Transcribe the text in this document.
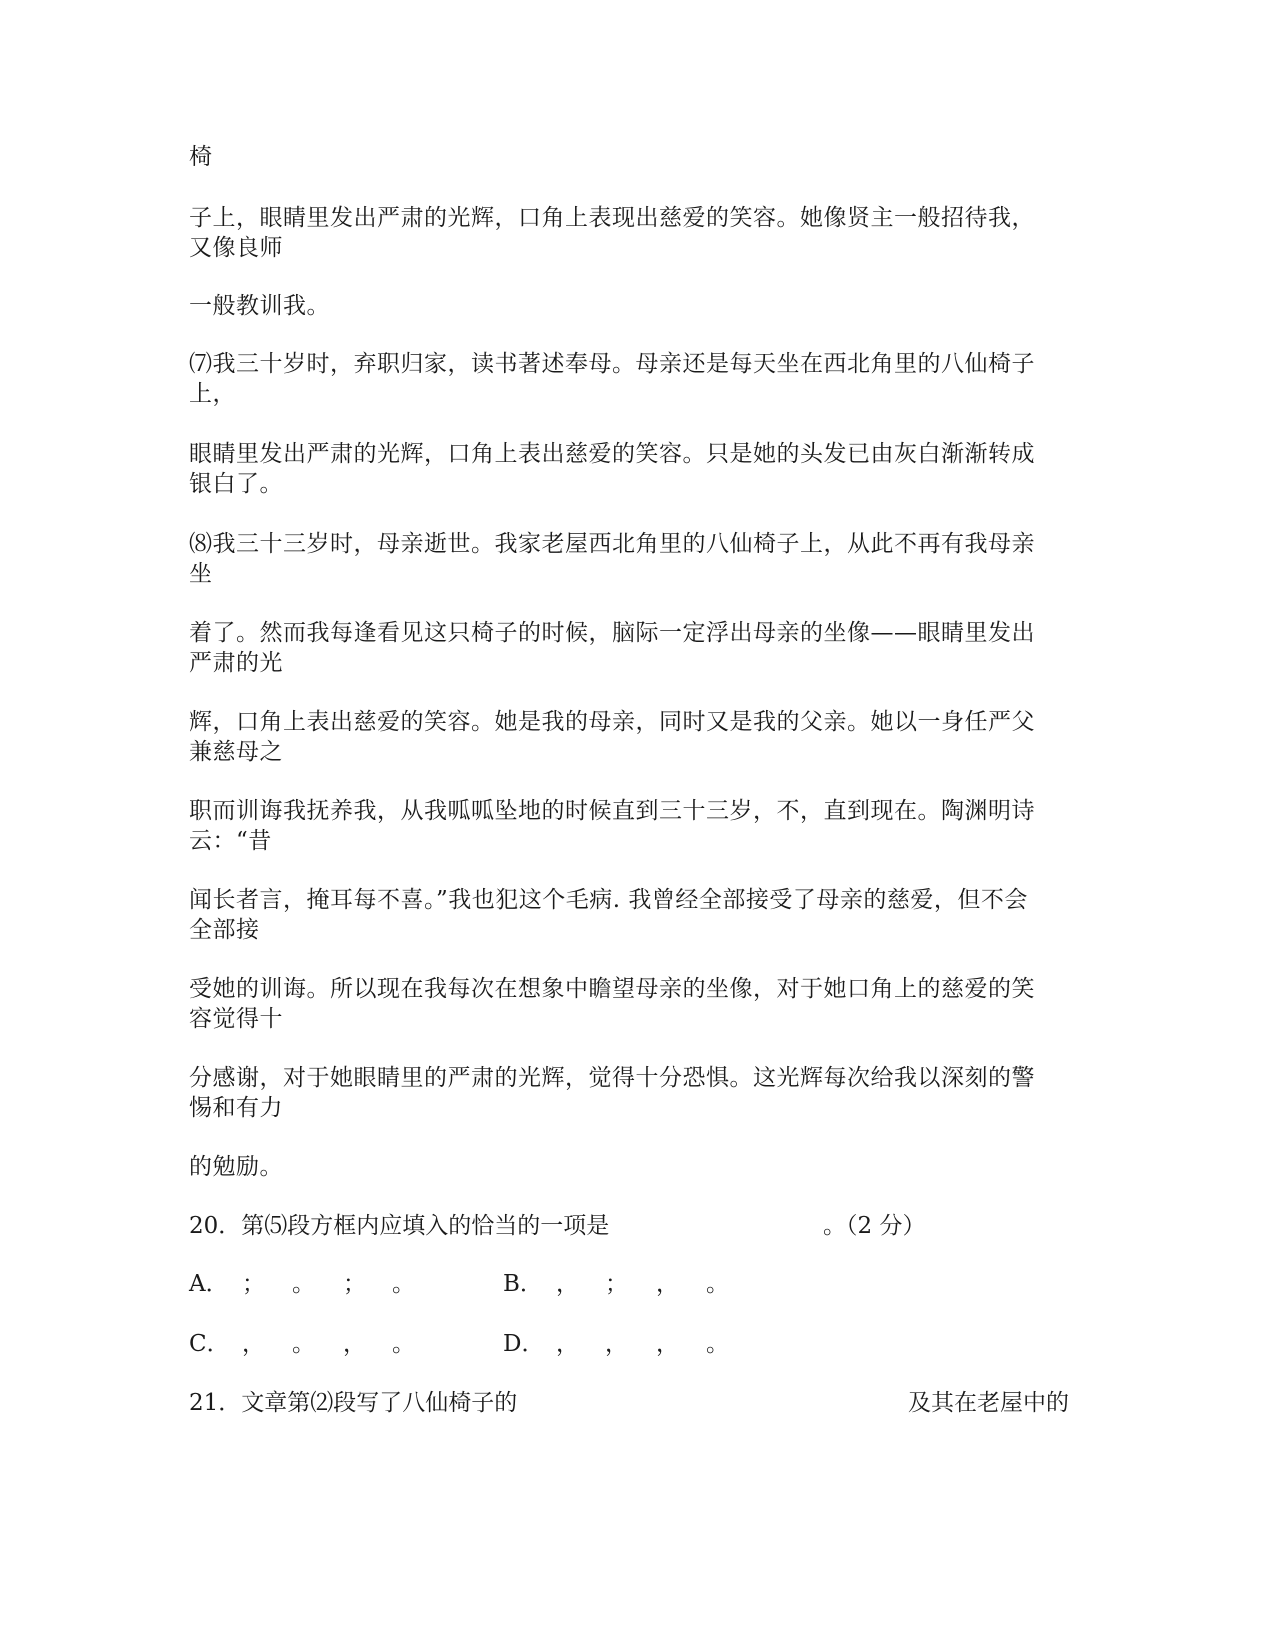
椅
子上，眼睛里发出严肃的光辉，口角上表现出慈爱的笑容。她像贤主一般招待我，
又像良师
一般教训我。
⑺我三十岁时，弃职归家，读书著述奉母。母亲还是每天坐在西北角里的八仙椅子
上，
眼睛里发出严肃的光辉，口角上表出慈爱的笑容。只是她的头发已由灰白渐渐转成
银白了。
⑻我三十三岁时，母亲逝世。我家老屋西北角里的八仙椅子上，从此不再有我母亲
坐
着了。然而我每逢看见这只椅子的时候，脑际一定浮出母亲的坐像——眼睛里发出
严肃的光
辉，口角上表出慈爱的笑容。她是我的母亲，同时又是我的父亲。她以一身任严父
兼慈母之
职而训诲我抚养我，从我呱呱坠地的时候直到三十三岁，不，直到现在。陶渊明诗
云：“昔
闻长者言，掩耳每不喜。”我也犯这个毛病. 我曾经全部接受了母亲的慈爱，但不会
全部接
受她的训诲。所以现在我每次在想象中瞻望母亲的坐像，对于她口角上的慈爱的笑
容觉得十
分感谢，对于她眼睛里的严肃的光辉，觉得十分恐惧。这光辉每次给我以深刻的警
惕和有力
的勉励。
20．第⑸段方框内应填入的恰当的一项是	。（2 分）
A． ； 。 ； 。	B． ， ； ， 。
C． ， 。 ， 。	D． ， ， ， 。
21．文章第⑵段写了八仙椅子的	及其在老屋中的
